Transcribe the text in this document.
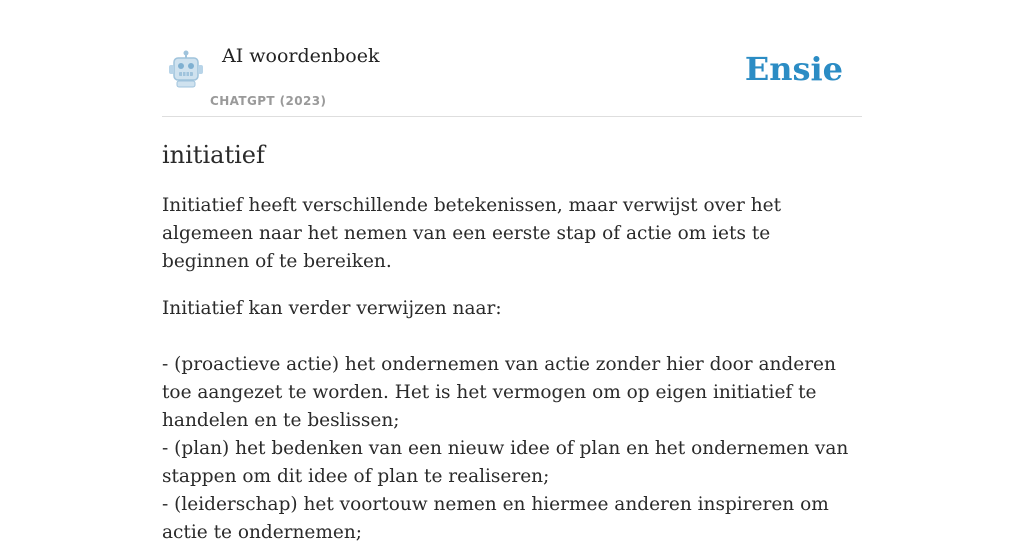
AI woordenboek
CHATGPT (2023)
Ensie
initiatief

Initiatief heeft verschillende betekenissen, maar verwijst over het algemeen naar het nemen van een eerste stap of actie om iets te beginnen of te bereiken.

Initiatief kan verder verwijzen naar:

- (proactieve actie) het ondernemen van actie zonder hier door anderen toe aangezet te worden. Het is het vermogen om op eigen initiatief te handelen en te beslissen;

- (plan) het bedenken van een nieuw idee of plan en het ondernemen van stappen om dit idee of plan te realiseren;

- (leiderschap) het voortouw nemen en hiermee anderen inspireren om actie te ondernemen;
